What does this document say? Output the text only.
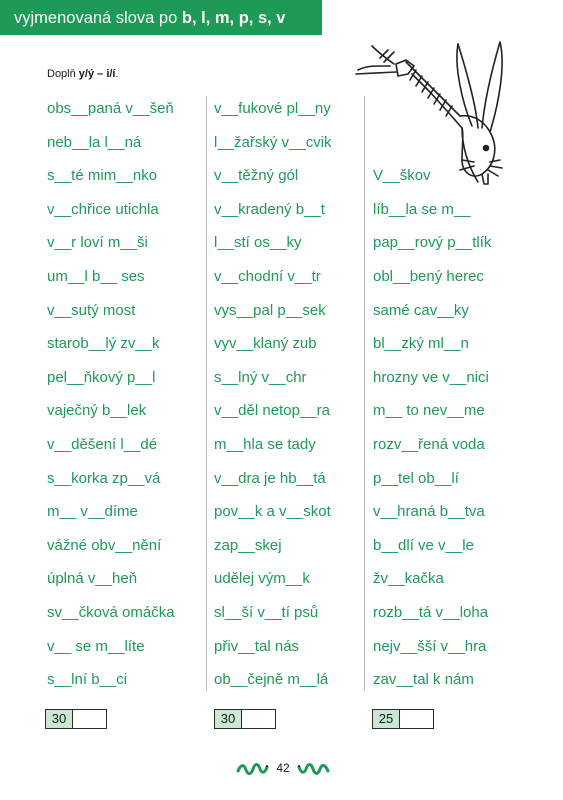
vyjmenovaná slova po b, l, m, p, s, v
Doplň y/ý – i/í.
obs__paná v__šeň
neb__la l__ná
s__té mim__nko
v__chřice utichla
v__r loví m__ši
um__l b__ ses
v__sutý most
starob__lý zv__k
pel__ňkový p__l
vaječný b__lek
v__děšení l__dé
s__korka zp__vá
m__ v__díme
vážné obv__nění
úplná v__heň
sv__čková omáčka
v__ se m__líte
s__lní b__ci
v__fukové pl__ny
l__žařský v__cvik
v__těžný gól
v__kradený b__t
l__stí os__ky
v__chodní v__tr
vys__pal p__sek
vyv__klaný zub
s__lný v__chr
v__děl netop__ra
m__hla se tady
v__dra je hb__tá
pov__k a v__skot
zap__skej
udělej vým__k
sl__ší v__tí psů
přiv__tal nás
ob__čejně m__lá
V__škov
líb__la se m__
pap__rový p__tlík
obl__bený herec
samé cav__ky
bl__zký ml__n
hrozny ve v__nici
m__ to nev__me
rozv__řená voda
p__tel ob__lí
v__hraná b__tva
b__dlí ve v__le
žv__kačka
rozb__tá v__loha
nejv__šší v__hra
zav__tal k nám
30	30	25
42
